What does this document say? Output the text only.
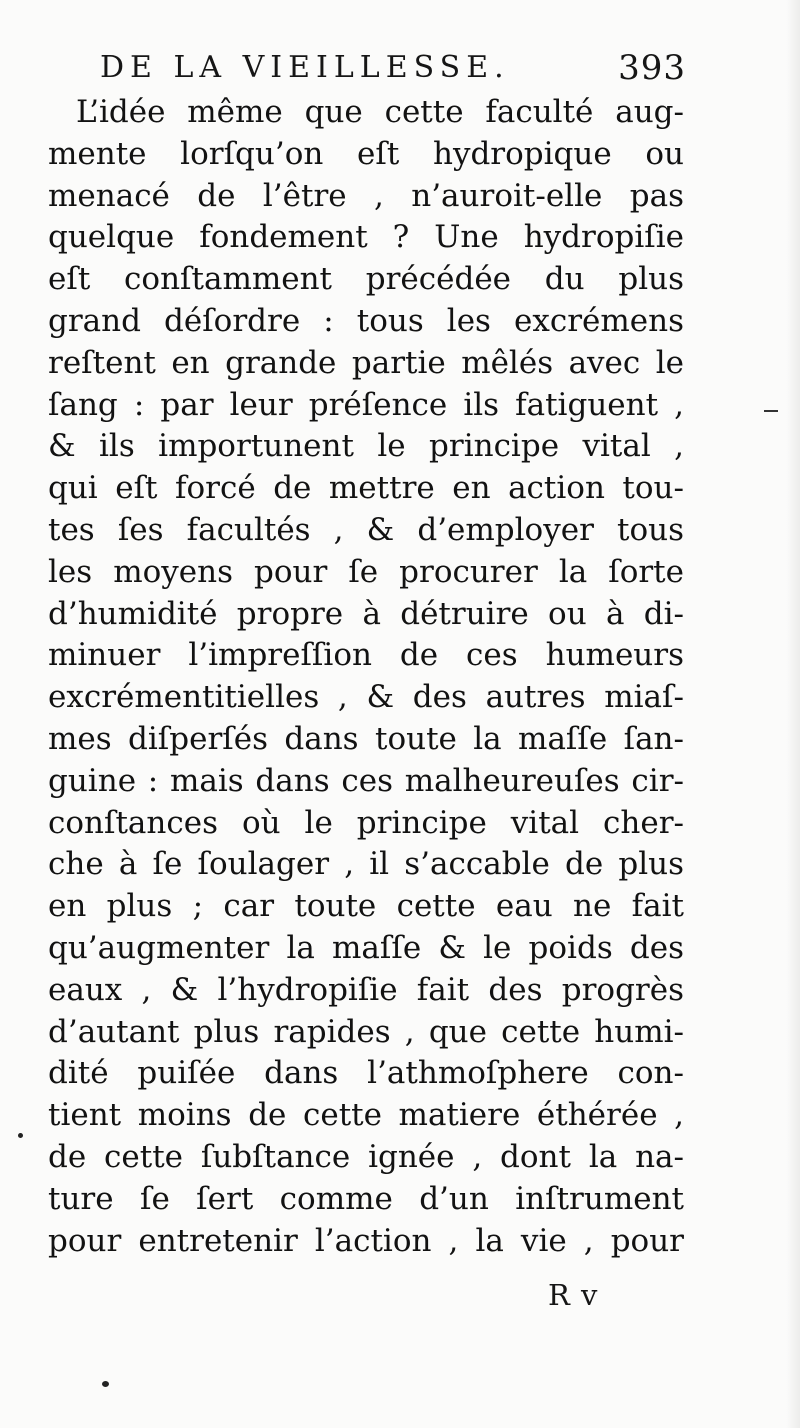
DE LA VIEILLESSE.	393
L’idée même que cette faculté aug-
mente lorſqu’on eſt hydropique ou
menacé de l’être , n’auroit-elle pas
quelque fondement ? Une hydropiſie
eſt conſtamment précédée du plus
grand déſordre : tous les excrémens
reſtent en grande partie mêlés avec le
ſang : par leur préſence ils fatiguent ,
& ils importunent le principe vital ,
qui eſt forcé de mettre en action tou-
tes ſes facultés , & d’employer tous
les moyens pour ſe procurer la ſorte
d’humidité propre à détruire ou à di-
minuer l’impreſſion de ces humeurs
excrémentitielles , & des autres miaſ-
mes diſperſés dans toute la maſſe ſan-
guine : mais dans ces malheureuſes cir-
conſtances où le principe vital cher-
che à ſe ſoulager , il s’accable de plus
en plus ; car toute cette eau ne fait
qu’augmenter la maſſe & le poids des
eaux , & l’hydropiſie fait des progrès
d’autant plus rapides , que cette humi-
dité puiſée dans l’athmoſphere con-
tient moins de cette matiere éthérée ,
de cette ſubſtance ignée , dont la na-
ture ſe ſert comme d’un inſtrument
pour entretenir l’action , la vie , pour
R v
